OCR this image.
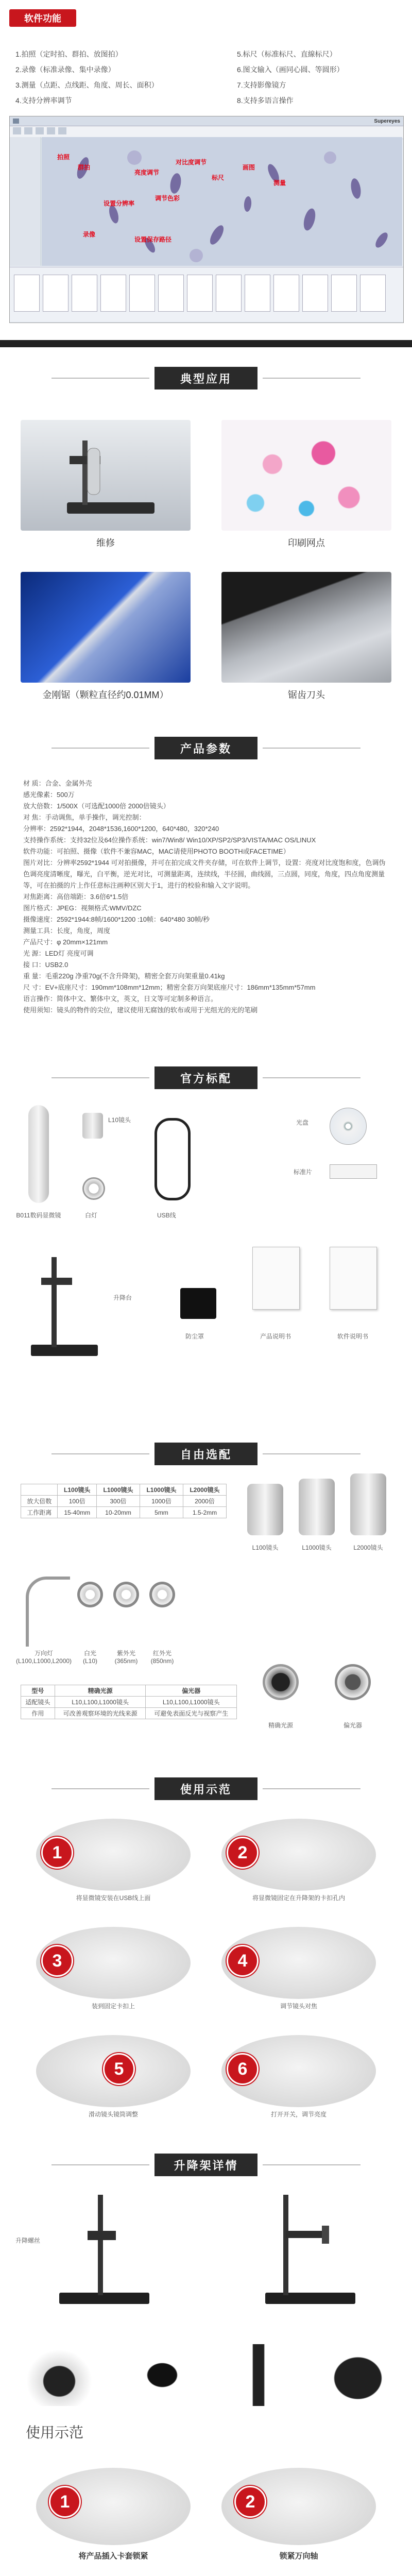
软件功能
1.拍照（定时拍、群拍、放图拍）
2.录像（标准录像、集中录像）
3.测量（点距、点线距、角度、周长、面积）
4.支持分辨率调节
5.标尺（标准标尺、直線标尺）
6.图文输入（画同心圆、等圆形）
7.支持影像镜方
8.支持多语言操作
Supereyes
拍照
群拍
亮度调节
对比度调节
标尺
画图
测量
设置分辨率
调节色彩
录像
设置保存路径
典型应用
维修	印刷网点
金刚锯（颗粒直径约0.01MM）	锯齿刀头
产品参数
材 质：合金、金属外壳
感光像素：500万
放大倍数：1/500X（可选配1000倍 2000倍镜头）
对 焦：手动调焦，单手操作，调光控制：
分辨率：2592*1944，2048*1536,1600*1200，640*480，320*240
支持操作系统：支持32位及64位操作系统：win7/Win8/ Win10/XP/SP2/SP3/VISTA/MAC OS/LINUX
软件功能：可拍照、摄像（软件不兼容MAC，MAC请使用PHOTO BOOTH或FACETIME）
图片对比：分辨率2592*1944 可对拍摄像，并可在拍完成文件夹存储，可在软件上调节，设置：亮度对比度饱和度，色调伪色调亮度清晰度，曝光，白平衡，逆光对比，可测量距离，连续线，半径圆，曲线圆，三点圆，同度，角度，四点角度测量等，可在拍摄的片上作任意标注画种区别大于1，进行的校验和输入文字说明。
对焦距离：高倍端距：3.6倍6*1.5倍
图片格式：JPEG：视频格式:WMV/DZC
摄像速度：2592*1944:8帧/1600*1200 :10帧：640*480 30帧/秒
测量工具：长度，角度，周度
产品尺寸：φ 20mm×121mm
光 源：LED灯 亮度可调
接 口：USB2.0
重 量：毛重220g 净重70g(不含升降架)，精密全套万向架重量0.41kg
尺 寸：EV+底座尺寸：190mm*108mm*12mm；精密全套万向架底座尺寸：186mm*135mm*57mm
语言操作：简体中文、繁体中文，英文，日文等可定制多种语言。
使用须知：镜头的物件的尖位，建议使用无腐蚀的软布或用于光组光的光的笔刷
官方标配
B011数码显微镜
L10镜头
白灯	USB线
光盘
标准片
升降台
防尘罩	产品说明书	软件说明书
自由选配
	L100镜头	L1000镜头	L1000镜头	L2000镜头
放大倍数	100倍	300倍	1000倍	2000倍
工作距离	15-40mm	10-20mm	5mm	1.5-2mm
L100镜头	L1000镜头	L2000镜头
万向灯
(L100,L1000,L2000)
白光
(L10)
紫外光
(365nm)
红外光
(850nm)
型号	精确光源	偏光器
适配镜头	L10,L100,L1000镜头	L10,L100,L1000镜头
作用	可改善观察环境的光线来源	可避免表面反光与视察产生
精确光源	偏光器
使用示范
1
将显微镜安装在USB线上面
2
将显微镜固定在升降架的卡扣孔内
3
装到固定卡扣上
4
调节镜头对焦
5
滑动镜头镜筒调整
6
打开开关，调节亮度
升降架详情
升降螺丝
使用示范
1
将产品插入卡套锁紧
2
锁紧万向轴
